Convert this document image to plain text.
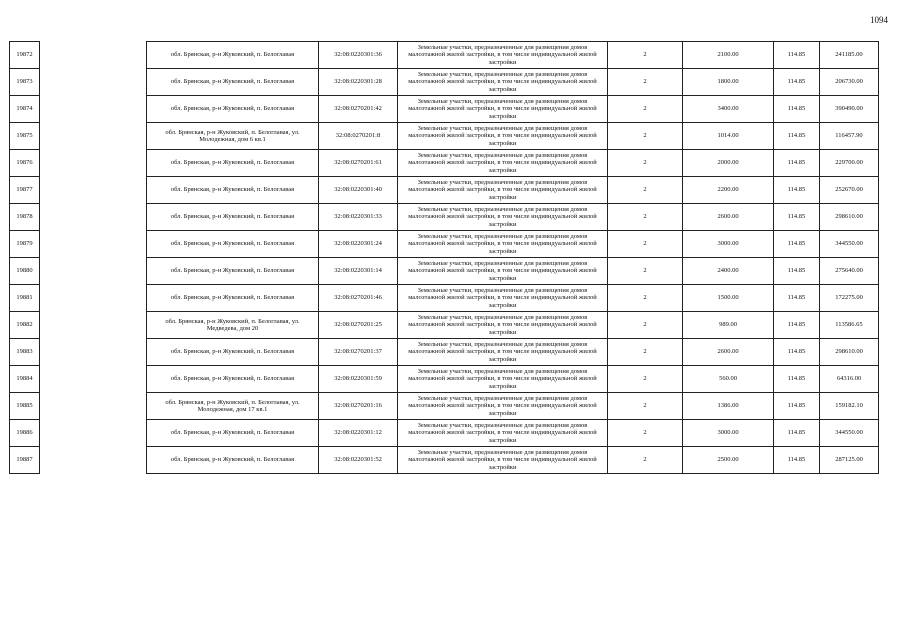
1094
19872		обл. Брянская, р-н Жуковский, п. Белоглавая	32:08:0220301:36	Земельные участки, предназначенные для размещения домов малоэтажной жилой застройки, в том числе индивидуальной жилой застройки	2	2100.00	114.85	241185.00
19873		обл. Брянская, р-н Жуковский, п. Белоглавая	32:08:0220301:28	Земельные участки, предназначенные для размещения домов малоэтажной жилой застройки, в том числе индивидуальной жилой застройки	2	1800.00	114.85	206730.00
19874		обл. Брянская, р-н Жуковский, п. Белоглавая	32:08:0270201:42	Земельные участки, предназначенные для размещения домов малоэтажной жилой застройки, в том числе индивидуальной жилой застройки	2	3400.00	114.85	390490.00
19875		обл. Брянская, р-н Жуковский, п. Белоглавая, ул. Молодежная, дом 6 кв.1	32:08:0270201:8	Земельные участки, предназначенные для размещения домов малоэтажной жилой застройки, в том числе индивидуальной жилой застройки	2	1014.00	114.85	116457.90
19876		обл. Брянская, р-н Жуковский, п. Белоглавая	32:08:0270201:61	Земельные участки, предназначенные для размещения домов малоэтажной жилой застройки, в том числе индивидуальной жилой застройки	2	2000.00	114.85	229700.00
19877		обл. Брянская, р-н Жуковский, п. Белоглавая	32:08:0220301:40	Земельные участки, предназначенные для размещения домов малоэтажной жилой застройки, в том числе индивидуальной жилой застройки	2	2200.00	114.85	252670.00
19878		обл. Брянская, р-н Жуковский, п. Белоглавая	32:08:0220301:33	Земельные участки, предназначенные для размещения домов малоэтажной жилой застройки, в том числе индивидуальной жилой застройки	2	2600.00	114.85	298610.00
19879		обл. Брянская, р-н Жуковский, п. Белоглавая	32:08:0220301:24	Земельные участки, предназначенные для размещения домов малоэтажной жилой застройки, в том числе индивидуальной жилой застройки	2	3000.00	114.85	344550.00
19880		обл. Брянская, р-н Жуковский, п. Белоглавая	32:08:0220301:14	Земельные участки, предназначенные для размещения домов малоэтажной жилой застройки, в том числе индивидуальной жилой застройки	2	2400.00	114.85	275640.00
19881		обл. Брянская, р-н Жуковский, п. Белоглавая	32:08:0270201:46	Земельные участки, предназначенные для размещения домов малоэтажной жилой застройки, в том числе индивидуальной жилой застройки	2	1500.00	114.85	172275.00
19882		обл. Брянская, р-н Жуковский, п. Белоглавая, ул. Медведева, дом 20	32:08:0270201:25	Земельные участки, предназначенные для размещения домов малоэтажной жилой застройки, в том числе индивидуальной жилой застройки	2	989.00	114.85	113586.65
19883		обл. Брянская, р-н Жуковский, п. Белоглавая	32:08:0270201:37	Земельные участки, предназначенные для размещения домов малоэтажной жилой застройки, в том числе индивидуальной жилой застройки	2	2600.00	114.85	298610.00
19884		обл. Брянская, р-н Жуковский, п. Белоглавая	32:08:0220301:59	Земельные участки, предназначенные для размещения домов малоэтажной жилой застройки, в том числе индивидуальной жилой застройки	2	560.00	114.85	64316.00
19885		обл. Брянская, р-н Жуковский, п. Белоглавая, ул. Молодежная, дом 17 кв.1	32:08:0270201:16	Земельные участки, предназначенные для размещения домов малоэтажной жилой застройки, в том числе индивидуальной жилой застройки	2	1386.00	114.85	159182.10
19886		обл. Брянская, р-н Жуковский, п. Белоглавая	32:08:0220301:12	Земельные участки, предназначенные для размещения домов малоэтажной жилой застройки, в том числе индивидуальной жилой застройки	2	3000.00	114.85	344550.00
19887		обл. Брянская, р-н Жуковский, п. Белоглавая	32:08:0220301:52	Земельные участки, предназначенные для размещения домов малоэтажной жилой застройки, в том числе индивидуальной жилой застройки	2	2500.00	114.85	287125.00
